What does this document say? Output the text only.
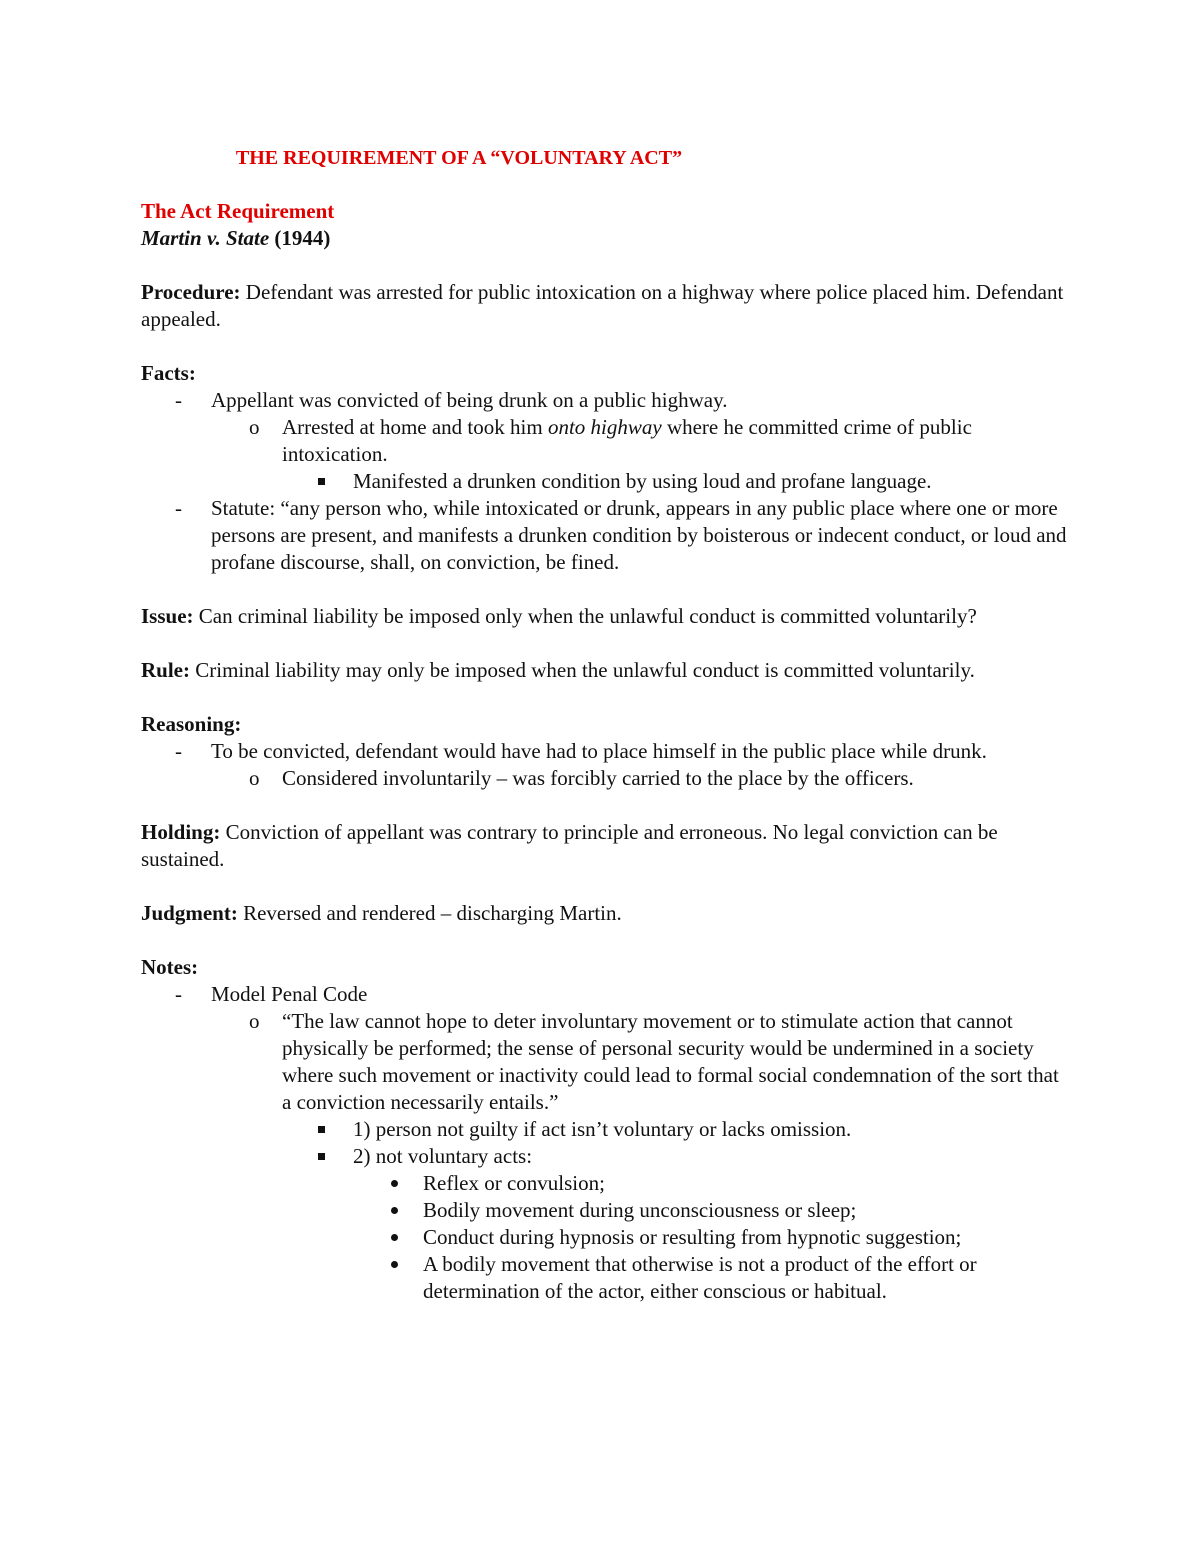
THE REQUIREMENT OF A “VOLUNTARY ACT”

The Act Requirement

Martin v. State (1944)

Procedure: Defendant was arrested for public intoxication on a highway where police placed him. Defendant appealed.

Facts:

- Appellant was convicted of being drunk on a public highway.

o Arrested at home and took him onto highway where he committed crime of public intoxication.

Manifested a drunken condition by using loud and profane language.

- Statute: “any person who, while intoxicated or drunk, appears in any public place where one or more persons are present, and manifests a drunken condition by boisterous or indecent conduct, or loud and profane discourse, shall, on conviction, be fined.

Issue: Can criminal liability be imposed only when the unlawful conduct is committed voluntarily?

Rule: Criminal liability may only be imposed when the unlawful conduct is committed voluntarily.

Reasoning:

- To be convicted, defendant would have had to place himself in the public place while drunk.

o Considered involuntarily – was forcibly carried to the place by the officers.

Holding: Conviction of appellant was contrary to principle and erroneous. No legal conviction can be sustained.

Judgment: Reversed and rendered – discharging Martin.

Notes:

- Model Penal Code

o “The law cannot hope to deter involuntary movement or to stimulate action that cannot physically be performed; the sense of personal security would be undermined in a society where such movement or inactivity could lead to formal social condemnation of the sort that a conviction necessarily entails.”

1) person not guilty if act isn’t voluntary or lacks omission.

2) not voluntary acts:

Reflex or convulsion;

Bodily movement during unconsciousness or sleep;

Conduct during hypnosis or resulting from hypnotic suggestion;

A bodily movement that otherwise is not a product of the effort or determination of the actor, either conscious or habitual.
